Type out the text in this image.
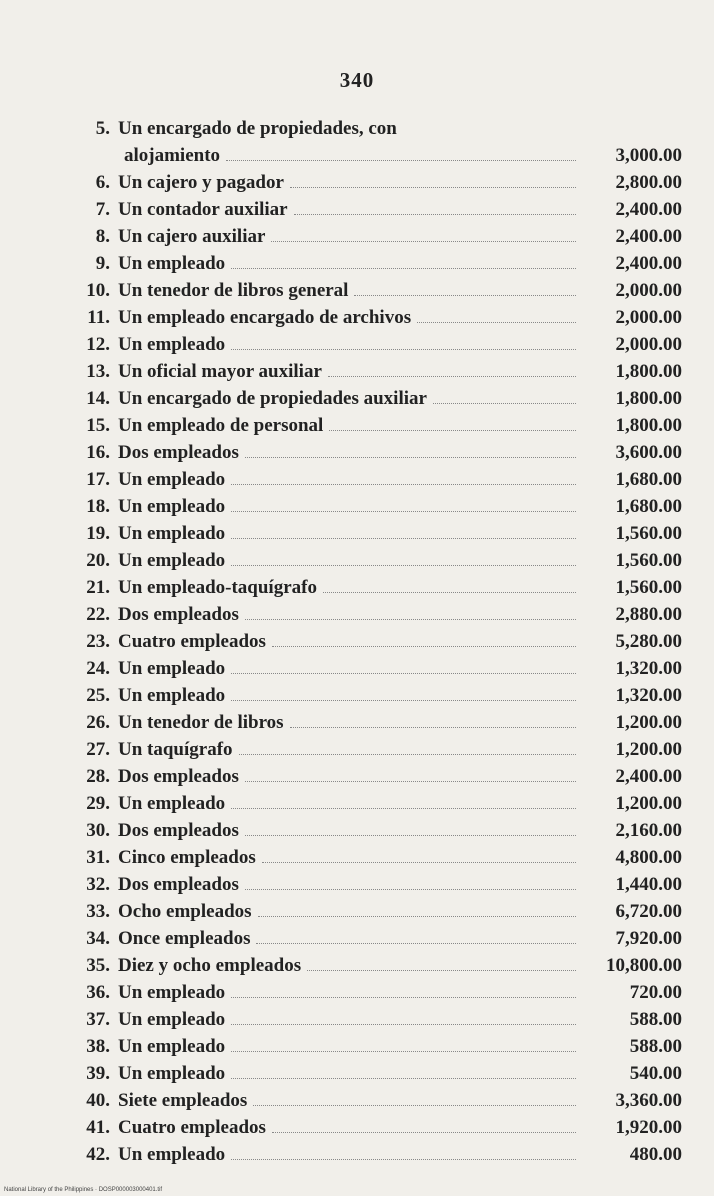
340
5. Un encargado de propiedades, con
alojamiento	3,000.00
6. Un cajero y pagador	2,800.00
7. Un contador auxiliar	2,400.00
8. Un cajero auxiliar	2,400.00
9. Un empleado	2,400.00
10. Un tenedor de libros general	2,000.00
11. Un empleado encargado de archivos	2,000.00
12. Un empleado	2,000.00
13. Un oficial mayor auxiliar	1,800.00
14. Un encargado de propiedades auxiliar	1,800.00
15. Un empleado de personal	1,800.00
16. Dos empleados	3,600.00
17. Un empleado	1,680.00
18. Un empleado	1,680.00
19. Un empleado	1,560.00
20. Un empleado	1,560.00
21. Un empleado-taquígrafo	1,560.00
22. Dos empleados	2,880.00
23. Cuatro empleados	5,280.00
24. Un empleado	1,320.00
25. Un empleado	1,320.00
26. Un tenedor de libros	1,200.00
27. Un taquígrafo	1,200.00
28. Dos empleados	2,400.00
29. Un empleado	1,200.00
30. Dos empleados	2,160.00
31. Cinco empleados	4,800.00
32. Dos empleados	1,440.00
33. Ocho empleados	6,720.00
34. Once empleados	7,920.00
35. Diez y ocho empleados	10,800.00
36. Un empleado	720.00
37. Un empleado	588.00
38. Un empleado	588.00
39. Un empleado	540.00
40. Siete empleados	3,360.00
41. Cuatro empleados	1,920.00
42. Un empleado	480.00
National Library of the Philippines · DOSP000003000401.tif
